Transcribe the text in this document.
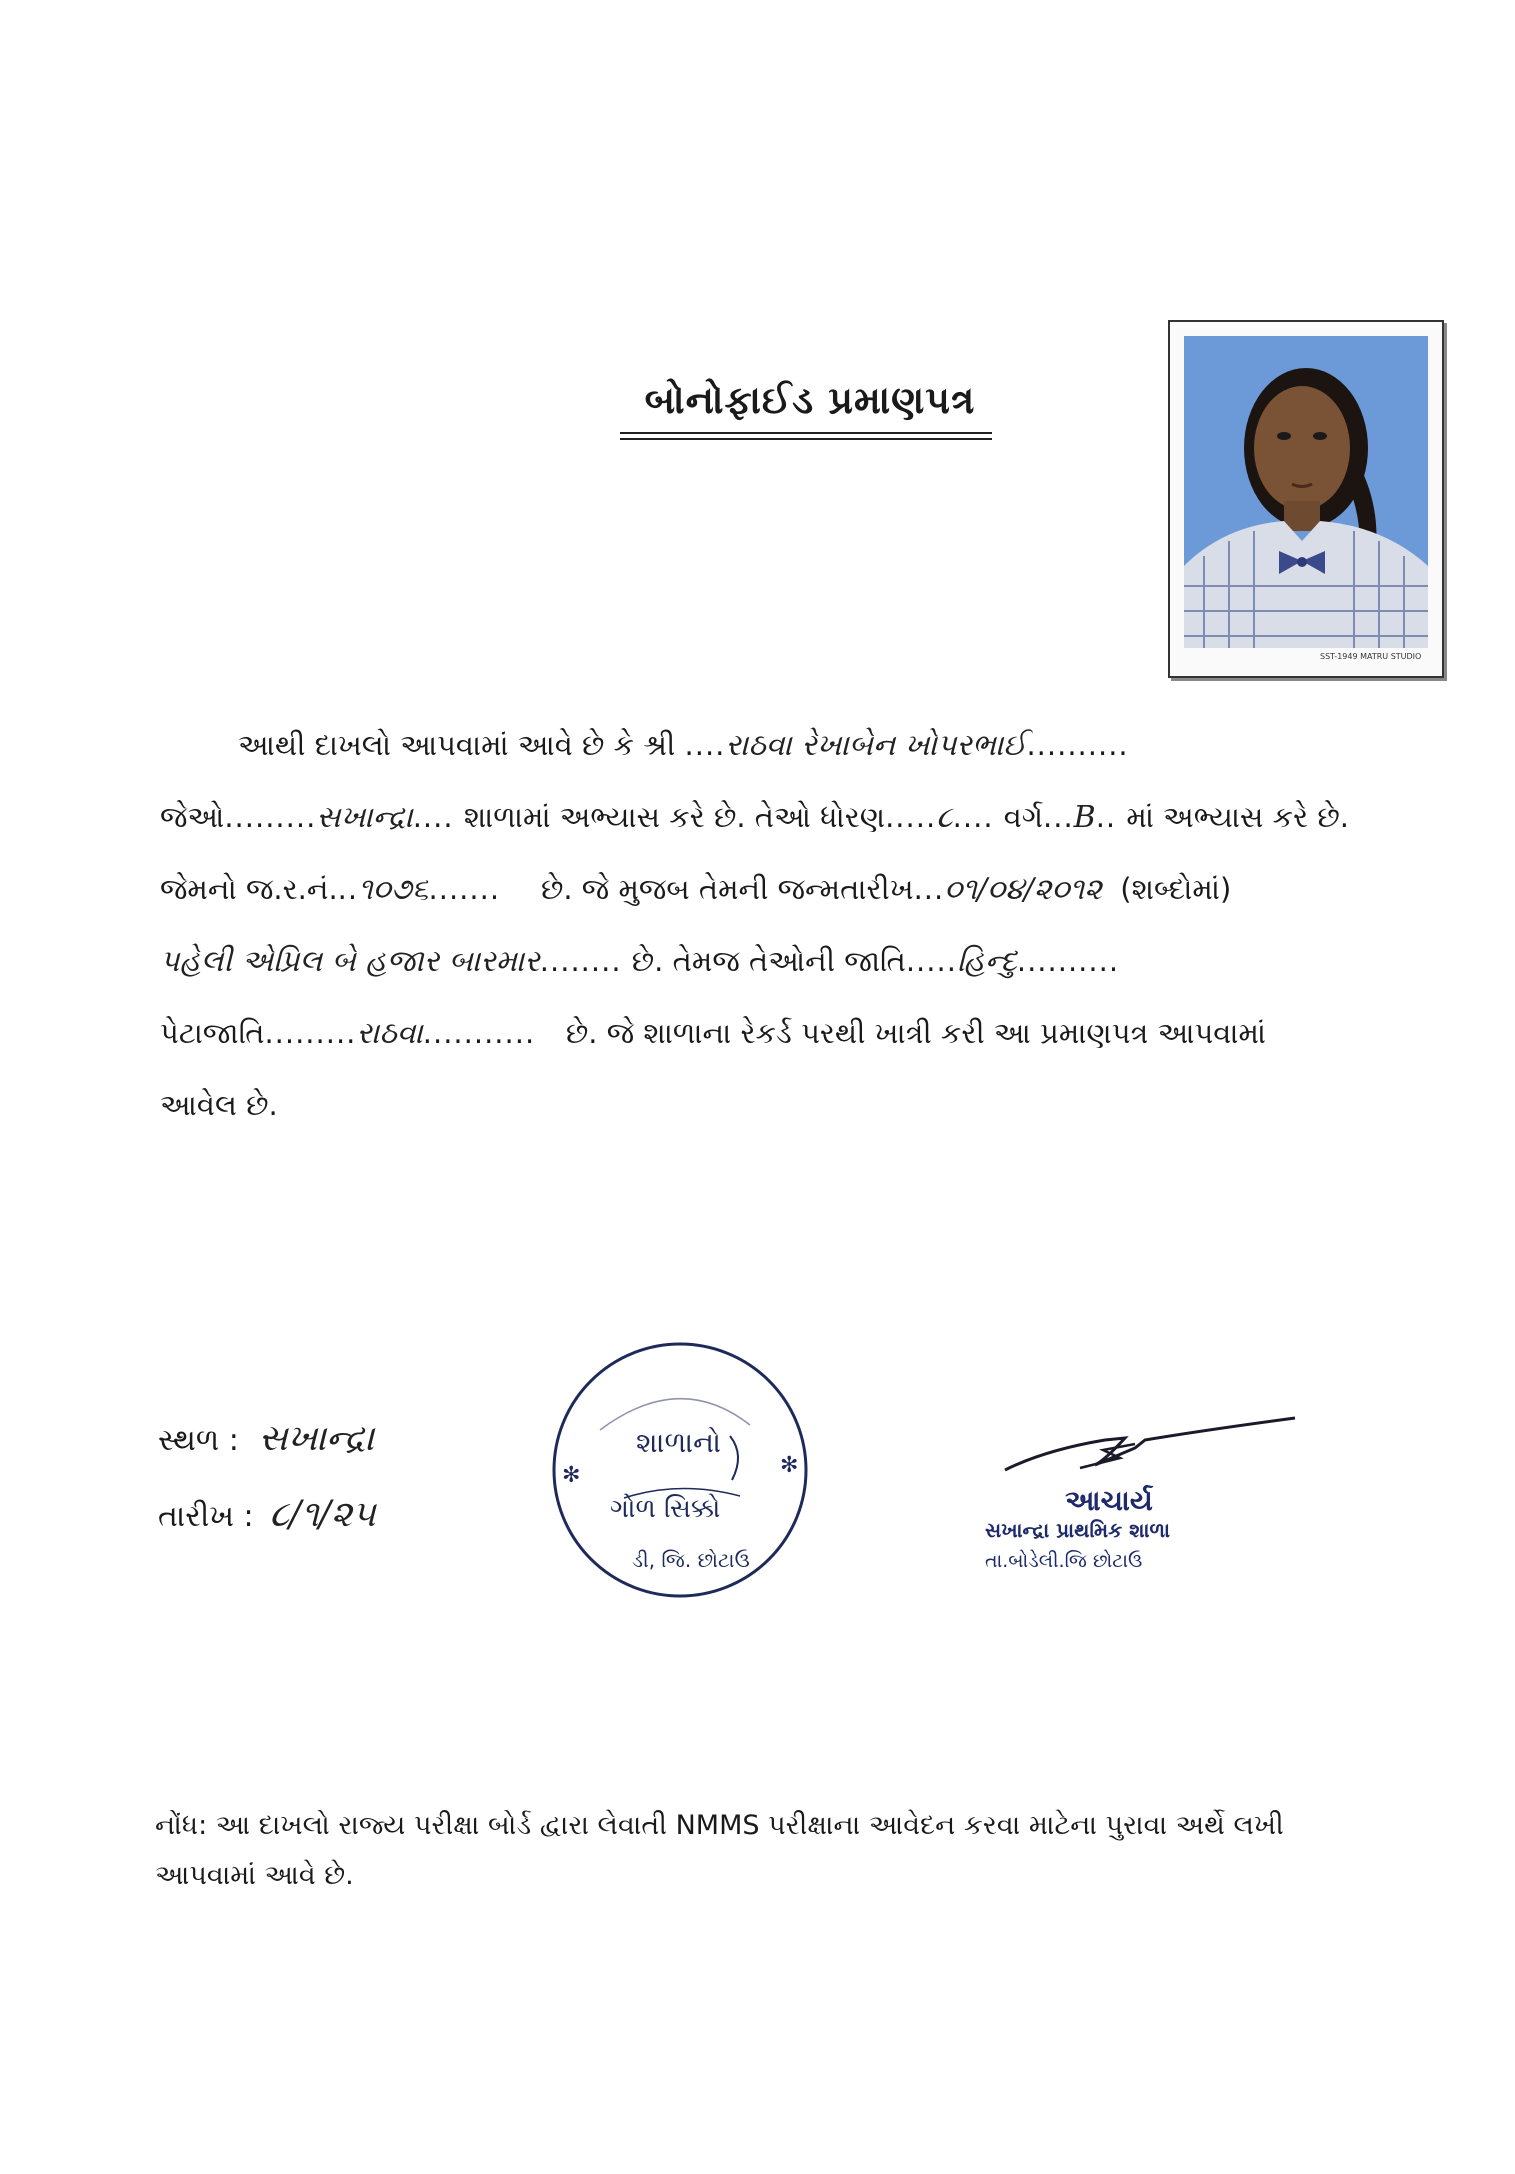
બોનોફાઈડ પ્રમાણપત્ર
SST-1949 MATRU STUDIO
આથી દાખલો આપવામાં આવે છે કે શ્રી ....રાઠવા રેખાબેન ખોપરભાઈ..........
જેઓ.........સખાન્દ્રા.... શાળામાં અભ્યાસ કરે છે. તેઓ ધોરણ.....૮.... વર્ગ...B.. માં અભ્યાસ કરે છે.
જેમનો જ.ર.નં...૧૦૭૬.......    છે. જે મુજબ તેમની જન્મતારીખ...૦૧/૦૪/૨૦૧૨ (શબ્દોમાં)
પહેલી એપ્રિલ બે હજાર બારમાર........ છે. તેમજ તેઓની જાતિ.....હિન્દુ..........
પેટાજાતિ.........રાઠવા...........   છે. જે શાળાના રેકર્ડ પરથી ખાત્રી કરી આ પ્રમાણપત્ર આપવામાં
આવેલ છે.
સ્થળ : સખાન્દ્રા
તારીખ : ૮/૧/૨૫
✻	✻
શાળાનો
ગોળ સિક્કો
ડી, જિ. છોટાઉ
આચાર્ય
સખાન્દ્રા પ્રાથમિક શાળા
તા.બોડેલી.જિ છોટાઉ
નોંધ: આ દાખલો રાજ્ય પરીક્ષા બોર્ડ દ્વારા લેવાતી NMMS પરીક્ષાના આવેદન કરવા માટેના પુરાવા અર્થે લખી
આપવામાં આવે છે.
